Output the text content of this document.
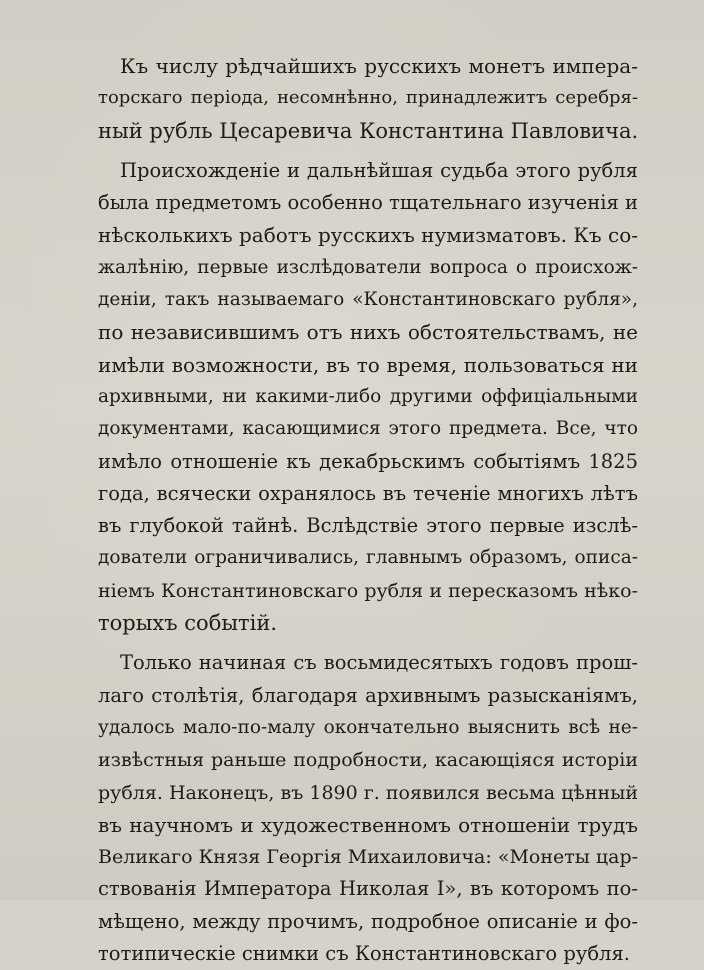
Къ числу рѣдчайшихъ русскихъ монетъ импера-
торскаго періода, несомнѣнно, принадлежитъ серебря-
ный рубль Цесаревича Константина Павловича.
Происхожденіе и дальнѣйшая судьба этого рубля
была предметомъ особенно тщательнаго изученія и
нѣсколькихъ работъ русскихъ нумизматовъ. Къ со-
жалѣнію, первые изслѣдователи вопроса о происхож-
деніи, такъ называемаго «Константиновскаго рубля»,
по независившимъ отъ нихъ обстоятельствамъ, не
имѣли возможности, въ то время, пользоваться ни
архивными, ни какими-либо другими оффиціальными
документами, касающимися этого предмета. Все, что
имѣло отношеніе къ декабрьскимъ событіямъ 1825
года, всячески охранялось въ теченіе многихъ лѣтъ
въ глубокой тайнѣ. Вслѣдствіе этого первые изслѣ-
дователи ограничивались, главнымъ образомъ, описа-
ніемъ Константиновскаго рубля и пересказомъ нѣко-
торыхъ событій.
Только начиная съ восьмидесятыхъ годовъ прош-
лаго столѣтія, благодаря архивнымъ разысканіямъ,
удалось мало-по-малу окончательно выяснить всѣ не-
извѣстныя раньше подробности, касающіяся исторіи
рубля. Наконецъ, въ 1890 г. появился весьма цѣнный
въ научномъ и художественномъ отношеніи трудъ
Великаго Князя Георгія Михаиловича: «Монеты цар-
ствованія Императора Николая I», въ которомъ по-
мѣщено, между прочимъ, подробное описаніе и фо-
тотипическіе снимки съ Константиновскаго рубля.
